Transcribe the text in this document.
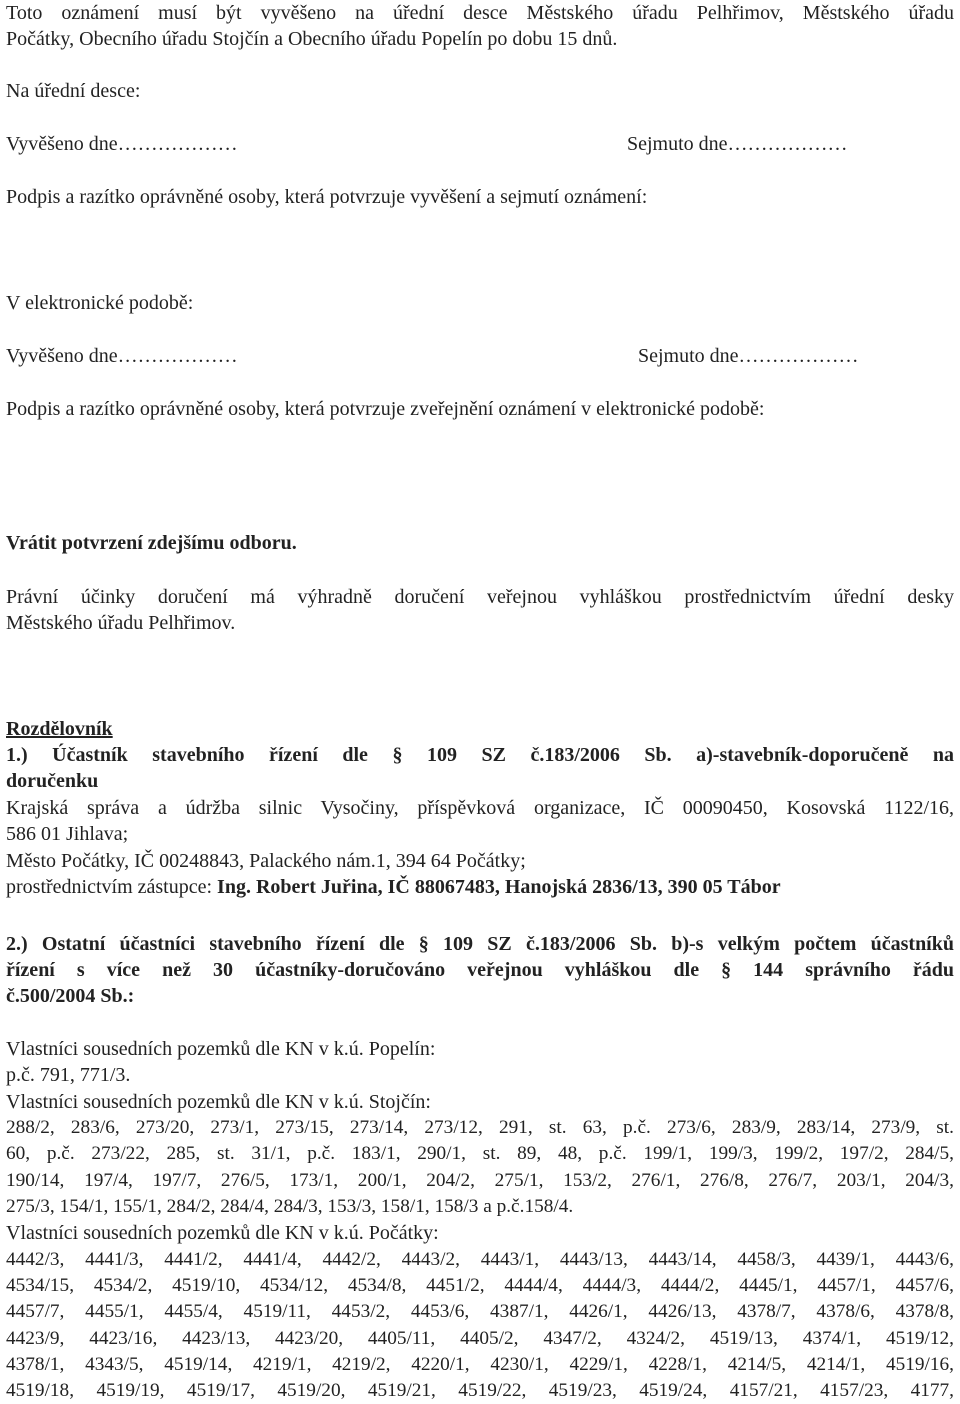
Toto oznámení musí být vyvěšeno na úřední desce Městského úřadu Pelhřimov, Městského úřadu
Počátky, Obecního úřadu Stojčín a Obecního úřadu Popelín po dobu 15 dnů.
Na úřední desce:
Vyvěšeno dne………………	Sejmuto dne………………
Podpis a razítko oprávněné osoby, která potvrzuje vyvěšení a sejmutí oznámení:
V elektronické podobě:
Vyvěšeno dne………………	Sejmuto dne………………
Podpis a razítko oprávněné osoby, která potvrzuje zveřejnění oznámení v elektronické podobě:
Vrátit potvrzení zdejšímu odboru.
Právní účinky doručení má výhradně doručení veřejnou vyhláškou prostřednictvím úřední desky
Městského úřadu Pelhřimov.
Rozdělovník
1.) Účastník stavebního řízení dle § 109 SZ č.183/2006 Sb. a)-stavebník-doporučeně na
doručenku
Krajská správa a údržba silnic Vysočiny, příspěvková organizace, IČ 00090450, Kosovská 1122/16,
586 01 Jihlava;
Město Počátky, IČ 00248843, Palackého nám.1, 394 64 Počátky;
prostřednictvím zástupce: Ing. Robert Juřina, IČ 88067483, Hanojská 2836/13, 390 05 Tábor
2.) Ostatní účastníci stavebního řízení dle § 109 SZ č.183/2006 Sb. b)-s velkým počtem účastníků
řízení s více než 30 účastníky-doručováno veřejnou vyhláškou dle § 144 správního řádu
č.500/2004 Sb.:
Vlastníci sousedních pozemků dle KN v k.ú. Popelín:
p.č. 791, 771/3.
Vlastníci sousedních pozemků dle KN v k.ú. Stojčín:
288/2, 283/6, 273/20, 273/1, 273/15, 273/14, 273/12, 291, st. 63, p.č. 273/6, 283/9, 283/14, 273/9, st.
60, p.č. 273/22, 285, st. 31/1, p.č. 183/1, 290/1, st. 89, 48, p.č. 199/1, 199/3, 199/2, 197/2, 284/5,
190/14, 197/4, 197/7, 276/5, 173/1, 200/1, 204/2, 275/1, 153/2, 276/1, 276/8, 276/7, 203/1, 204/3,
275/3, 154/1, 155/1, 284/2, 284/4, 284/3, 153/3, 158/1, 158/3 a p.č.158/4.
Vlastníci sousedních pozemků dle KN v k.ú. Počátky:
4442/3, 4441/3, 4441/2, 4441/4, 4442/2, 4443/2, 4443/1, 4443/13, 4443/14, 4458/3, 4439/1, 4443/6,
4534/15, 4534/2, 4519/10, 4534/12, 4534/8, 4451/2, 4444/4, 4444/3, 4444/2, 4445/1, 4457/1, 4457/6,
4457/7, 4455/1, 4455/4, 4519/11, 4453/2, 4453/6, 4387/1, 4426/1, 4426/13, 4378/7, 4378/6, 4378/8,
4423/9, 4423/16, 4423/13, 4423/20, 4405/11, 4405/2, 4347/2, 4324/2, 4519/13, 4374/1, 4519/12,
4378/1, 4343/5, 4519/14, 4219/1, 4219/2, 4220/1, 4230/1, 4229/1, 4228/1, 4214/5, 4214/1, 4519/16,
4519/18, 4519/19, 4519/17, 4519/20, 4519/21, 4519/22, 4519/23, 4519/24, 4157/21, 4157/23, 4177,
